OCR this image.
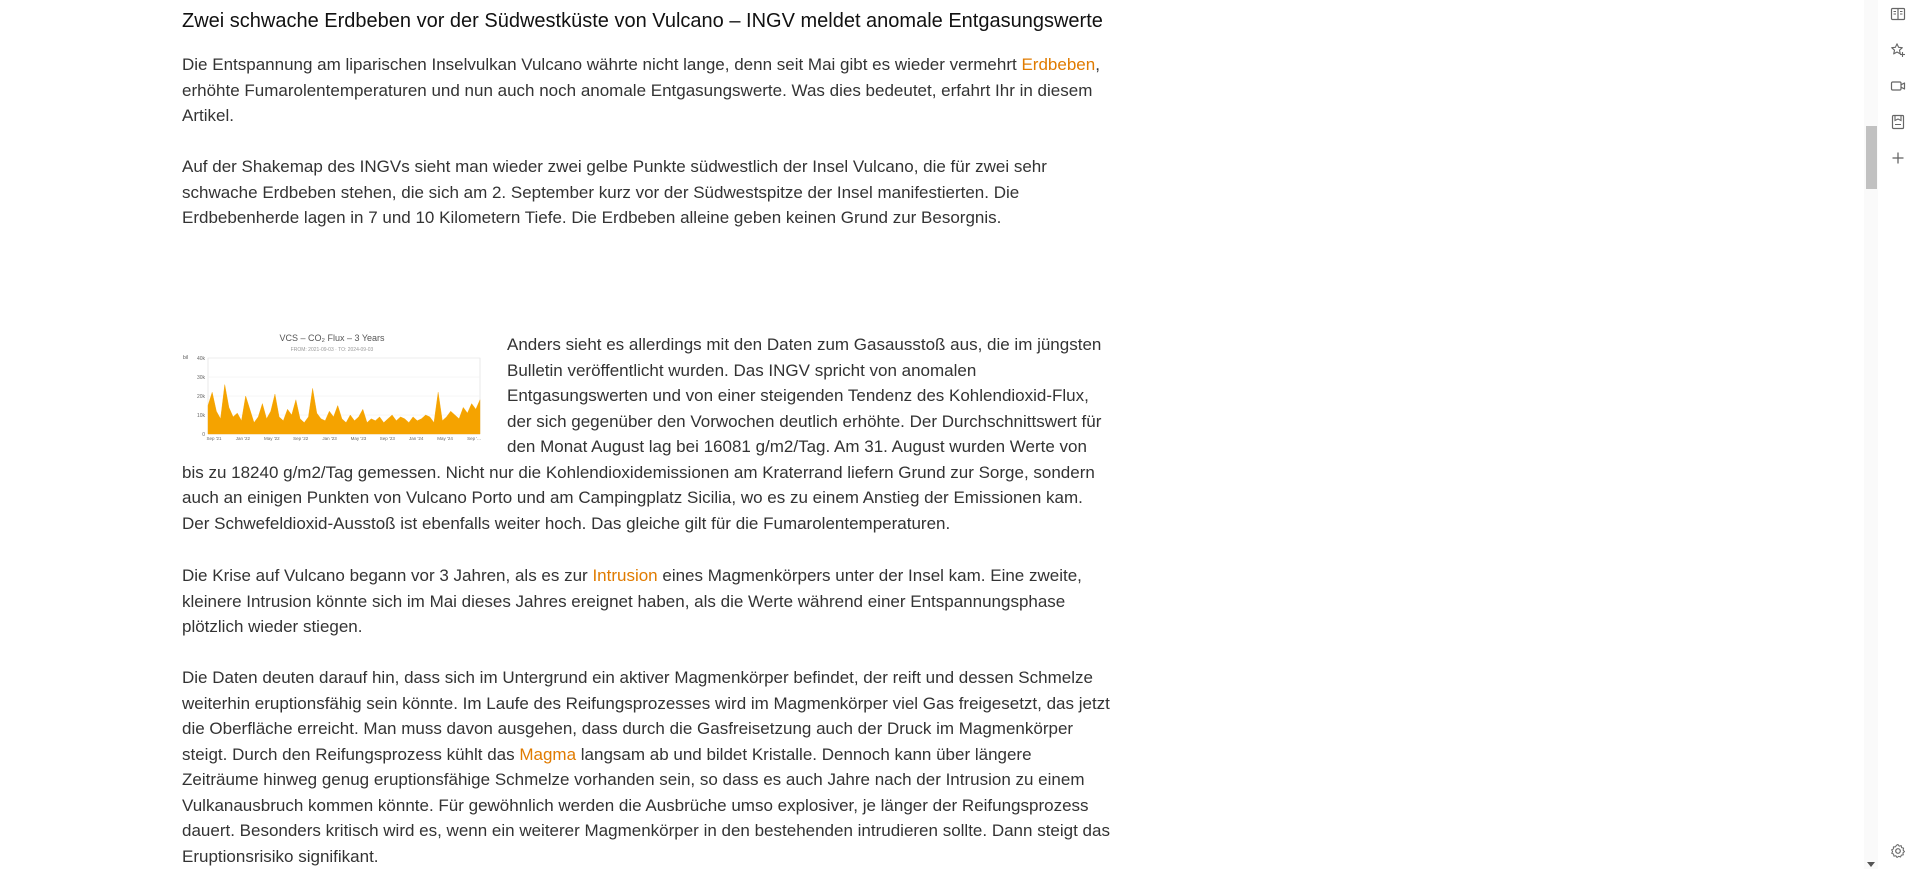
Zwei schwache Erdbeben vor der Südwestküste von Vulcano – INGV meldet anomale Entgasungswerte

Die Entspannung am liparischen Inselvulkan Vulcano währte nicht lange, denn seit Mai gibt es wieder vermehrt Erdbeben, erhöhte Fumarolentemperaturen und nun auch noch anomale Entgasungswerte. Was dies bedeutet, erfahrt Ihr in diesem Artikel.

Auf der Shakemap des INGVs sieht man wieder zwei gelbe Punkte südwestlich der Insel Vulcano, die für zwei sehr schwache Erdbeben stehen, die sich am 2. September kurz vor der Südwestspitze der Insel manifestierten. Die Erdbebenherde lagen in 7 und 10 Kilometern Tiefe. Die Erdbeben alleine geben keinen Grund zur Besorgnis.

VCS – CO₂ Flux – 3 Years
FROM: 2021-09-03 · TO: 2024-09-03
bil 40k
30k
20k
10k
0
Sep '21	Jan '22	May '22	Sep '22	Jan '23	May '23	Sep '23	Jan '24	May '24	Sep '...
Anders sieht es allerdings mit den Daten zum Gasausstoß aus, die im jüngsten Bulletin veröffentlicht wurden. Das INGV spricht von anomalen Entgasungswerten und von einer steigenden Tendenz des Kohlendioxid-Flux, der sich gegenüber den Vorwochen deutlich erhöhte. Der Durchschnittswert für den Monat August lag bei 16081 g/m2/Tag. Am 31. August wurden Werte von bis zu 18240 g/m2/Tag gemessen. Nicht nur die Kohlendioxidemissionen am Kraterrand liefern Grund zur Sorge, sondern auch an einigen Punkten von Vulcano Porto und am Campingplatz Sicilia, wo es zu einem Anstieg der Emissionen kam. Der Schwefeldioxid-Ausstoß ist ebenfalls weiter hoch. Das gleiche gilt für die Fumarolentemperaturen.

Die Krise auf Vulcano begann vor 3 Jahren, als es zur Intrusion eines Magmenkörpers unter der Insel kam. Eine zweite, kleinere Intrusion könnte sich im Mai dieses Jahres ereignet haben, als die Werte während einer Entspannungsphase plötzlich wieder stiegen.

Die Daten deuten darauf hin, dass sich im Untergrund ein aktiver Magmenkörper befindet, der reift und dessen Schmelze weiterhin eruptionsfähig sein könnte. Im Laufe des Reifungsprozesses wird im Magmenkörper viel Gas freigesetzt, das jetzt die Oberfläche erreicht. Man muss davon ausgehen, dass durch die Gasfreisetzung auch der Druck im Magmenkörper steigt. Durch den Reifungsprozess kühlt das Magma langsam ab und bildet Kristalle. Dennoch kann über längere Zeiträume hinweg genug eruptionsfähige Schmelze vorhanden sein, so dass es auch Jahre nach der Intrusion zu einem Vulkanausbruch kommen könnte. Für gewöhnlich werden die Ausbrüche umso explosiver, je länger der Reifungsprozess dauert. Besonders kritisch wird es, wenn ein weiterer Magmenkörper in den bestehenden intrudieren sollte. Dann steigt das Eruptionsrisiko signifikant.
